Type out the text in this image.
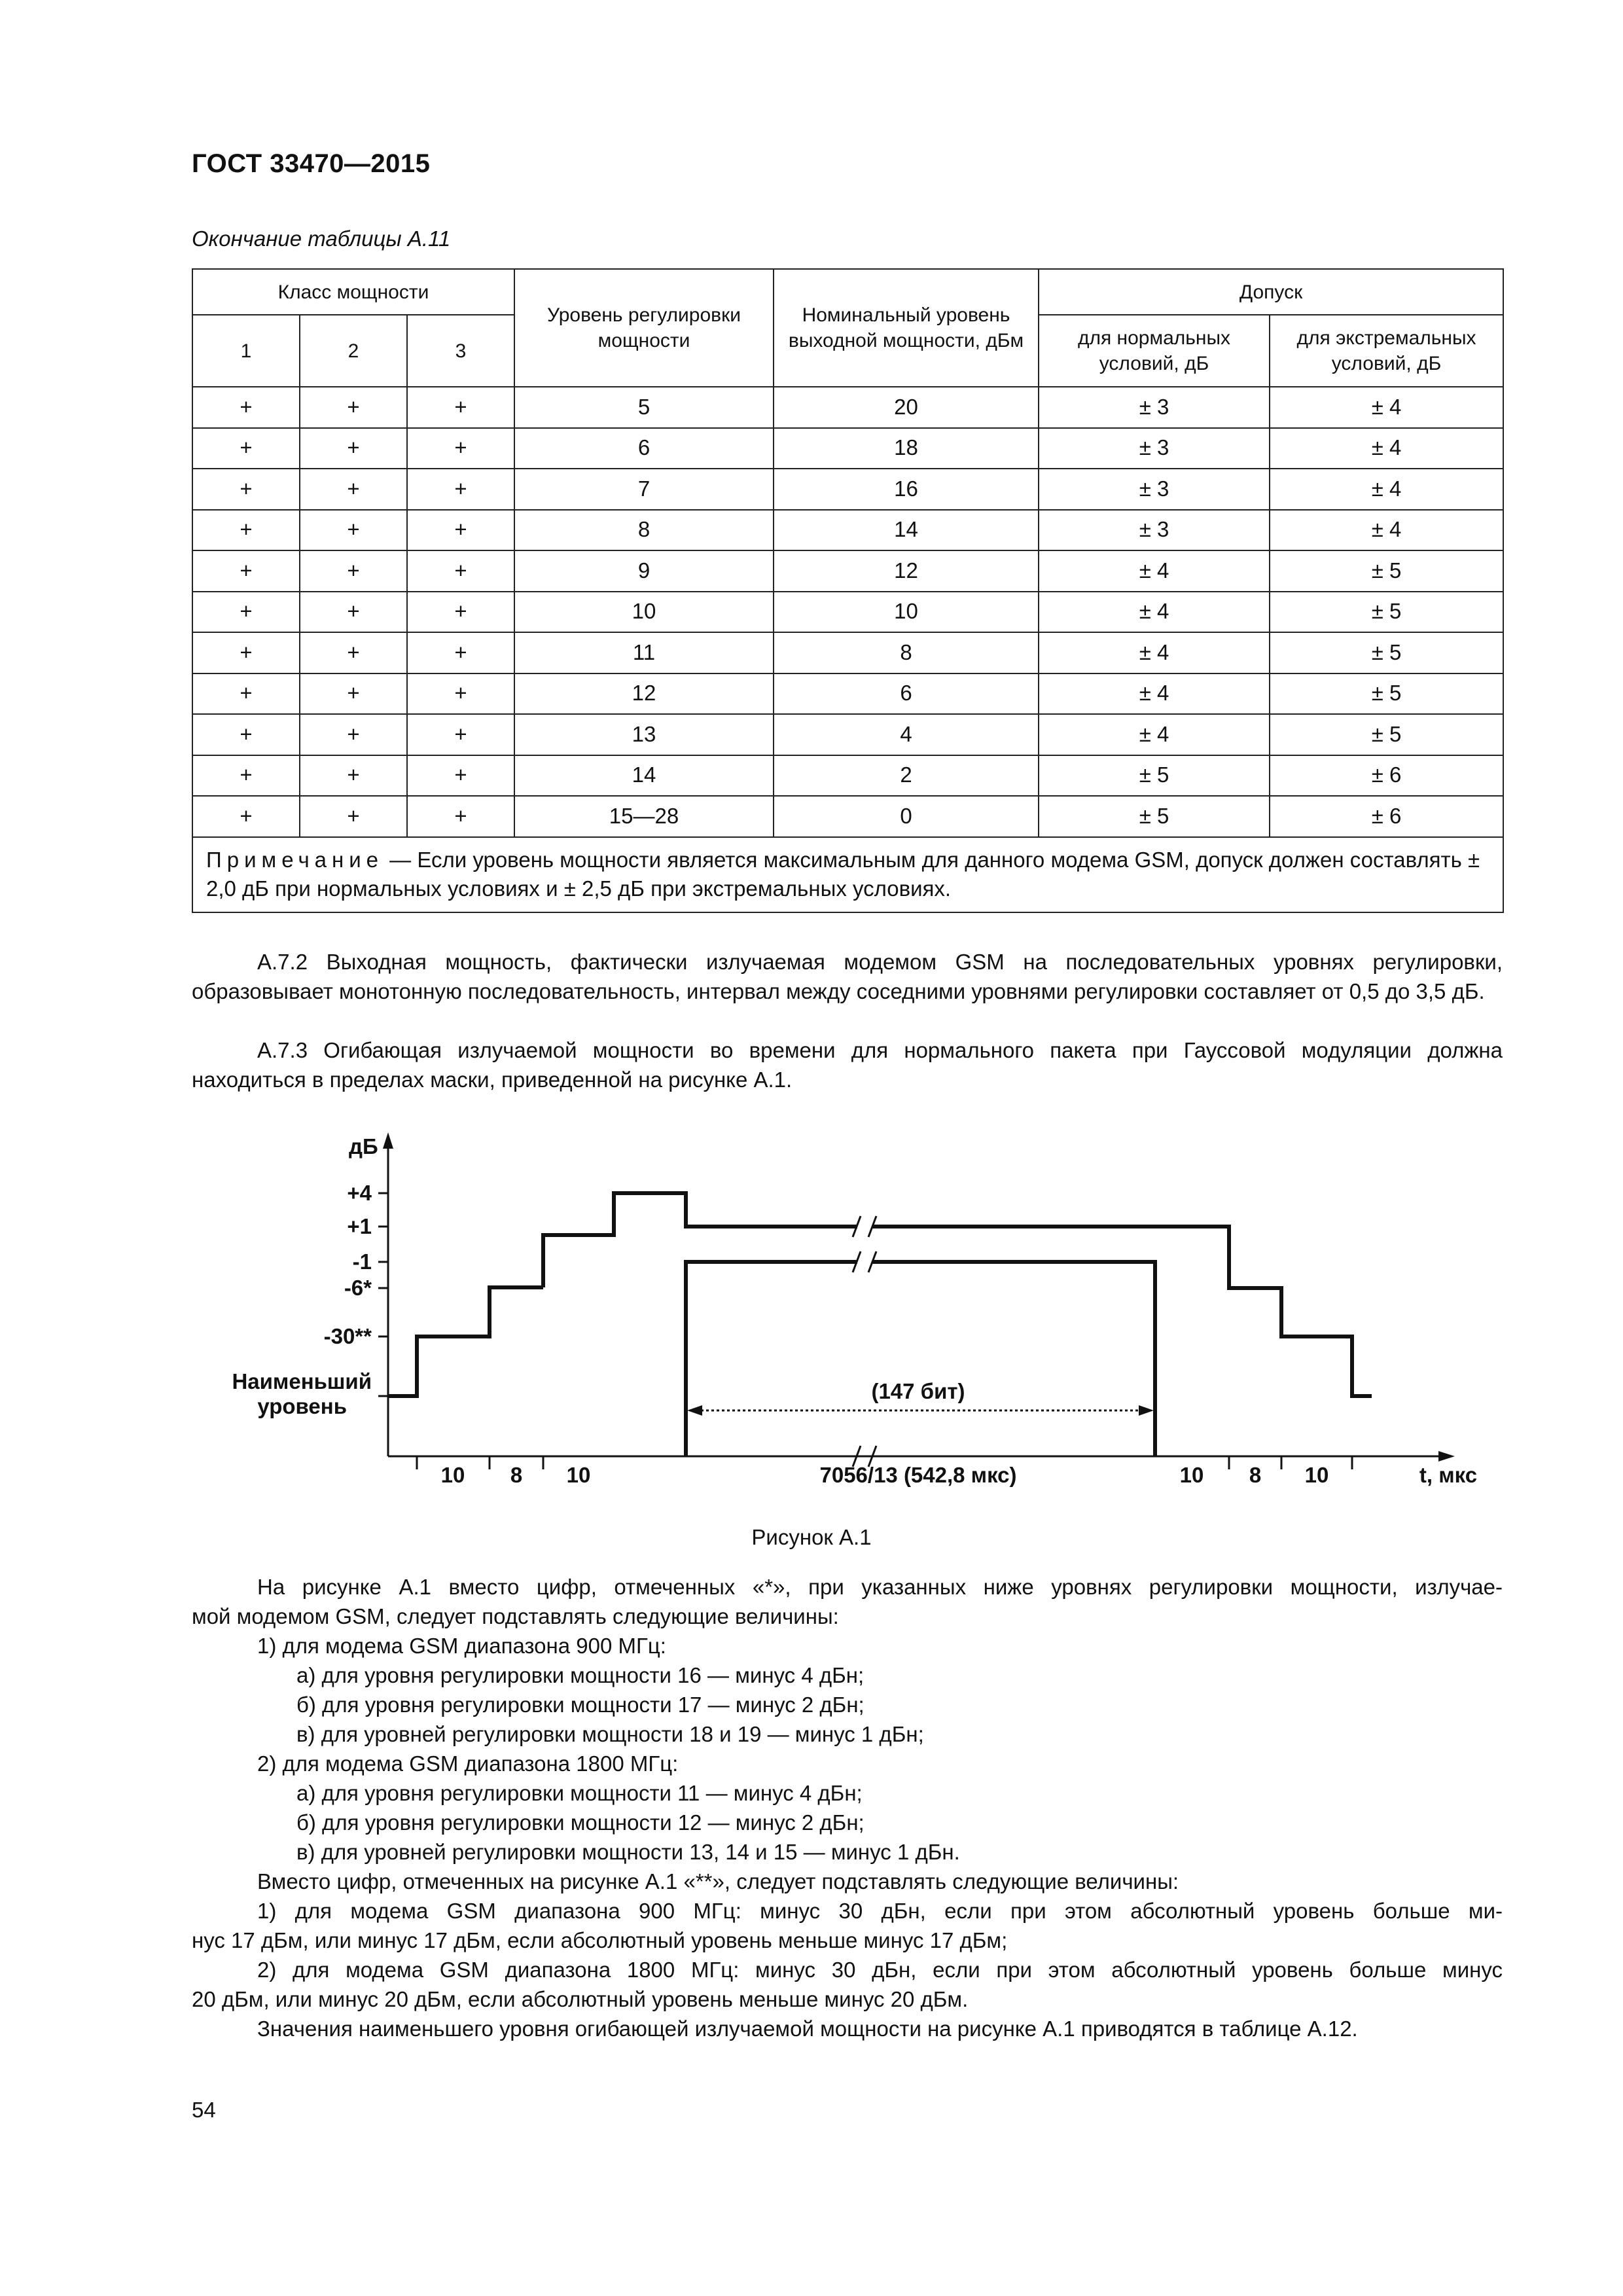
ГОСТ 33470—2015
Окончание таблицы А.11
Класс мощности			Уровень регулировки мощности	Номинальный уровень выходной мощности, дБм	Допуск	
1	2	3			для нормальных условий, дБ	для экстремальных условий, дБ
+	+	+	5	20	± 3	± 4
+	+	+	6	18	± 3	± 4
+	+	+	7	16	± 3	± 4
+	+	+	8	14	± 3	± 4
+	+	+	9	12	± 4	± 5
+	+	+	10	10	± 4	± 5
+	+	+	11	8	± 4	± 5
+	+	+	12	6	± 4	± 5
+	+	+	13	4	± 4	± 5
+	+	+	14	2	± 5	± 6
+	+	+	15—28	0	± 5	± 6
Примечание — Если уровень мощности является максимальным для данного модема GSM, допуск должен составлять ± 2,0 дБ при нормальных условиях и ± 2,5 дБ при экстремальных условиях.						
А.7.2 Выходная мощность, фактически излучаемая модемом GSM на последовательных уровнях регулировки, образовывает монотонную последовательность, интервал между соседними уровнями регулировки составляет от 0,5 до 3,5 дБ.
А.7.3 Огибающая излучаемой мощности во времени для нормального пакета при Гауссовой модуляции должна находиться в пределах маски, приведенной на рисунке А.1.
дБ
+4
+1
-1
-6*
-30**
Наименьший
уровень
(147 бит)
10 8 10	7056/13 (542,8 мкс)	10 8 10	t, мкс
Рисунок А.1
На рисунке А.1 вместо цифр, отмеченных «*», при указанных ниже уровнях регулировки мощности, излучае-
мой модемом GSM, следует подставлять следующие величины:
1) для модема GSM диапазона 900 МГц:
а) для уровня регулировки мощности 16 — минус 4 дБн;
б) для уровня регулировки мощности 17 — минус 2 дБн;
в) для уровней регулировки мощности 18 и 19 — минус 1 дБн;
2) для модема GSM диапазона 1800 МГц:
а) для уровня регулировки мощности 11 — минус 4 дБн;
б) для уровня регулировки мощности 12 — минус 2 дБн;
в) для уровней регулировки мощности 13, 14 и 15 — минус 1 дБн.
Вместо цифр, отмеченных на рисунке А.1 «**», следует подставлять следующие величины:
1) для модема GSM диапазона 900 МГц: минус 30 дБн, если при этом абсолютный уровень больше ми-
нус 17 дБм, или минус 17 дБм, если абсолютный уровень меньше минус 17 дБм;
2) для модема GSM диапазона 1800 МГц: минус 30 дБн, если при этом абсолютный уровень больше минус
20 дБм, или минус 20 дБм, если абсолютный уровень меньше минус 20 дБм.
Значения наименьшего уровня огибающей излучаемой мощности на рисунке А.1 приводятся в таблице А.12.
54
